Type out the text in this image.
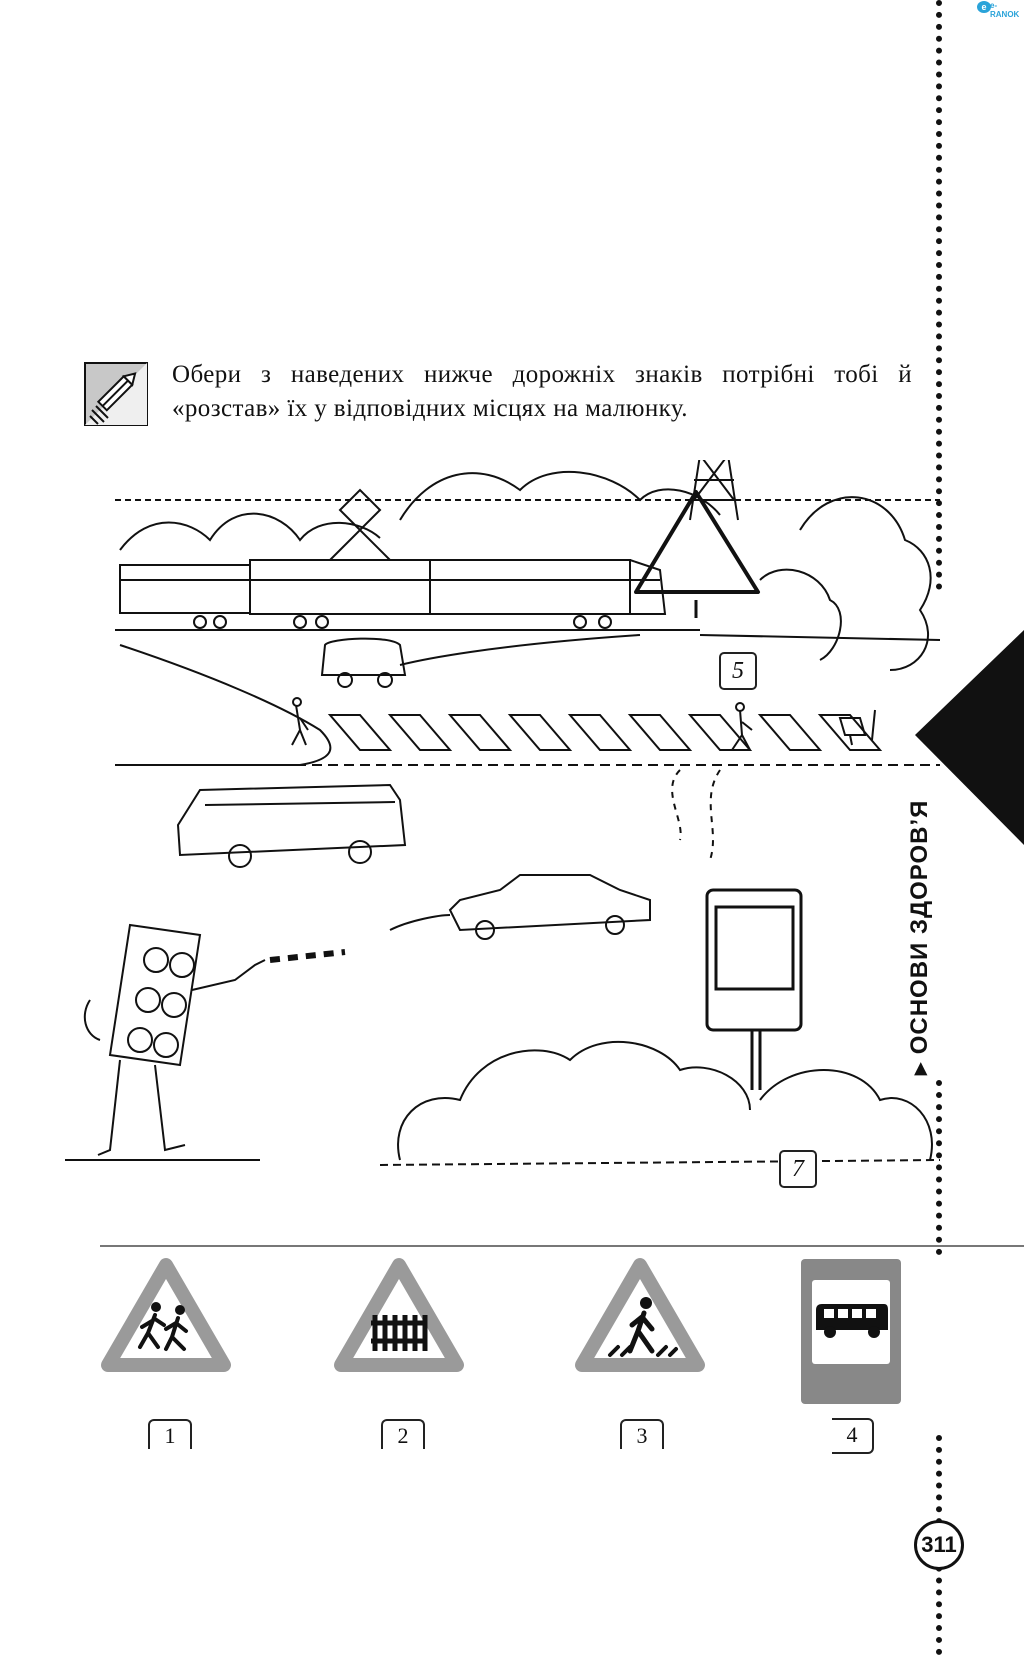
e e-RANOK
Обери з наведених нижче дорожніх знаків потрібні тобі й «розстав» їх у відповідних місцях на малюнку.
5
7
▸ ОСНОВИ ЗДОРОВ’Я
1	2	3	4
311
